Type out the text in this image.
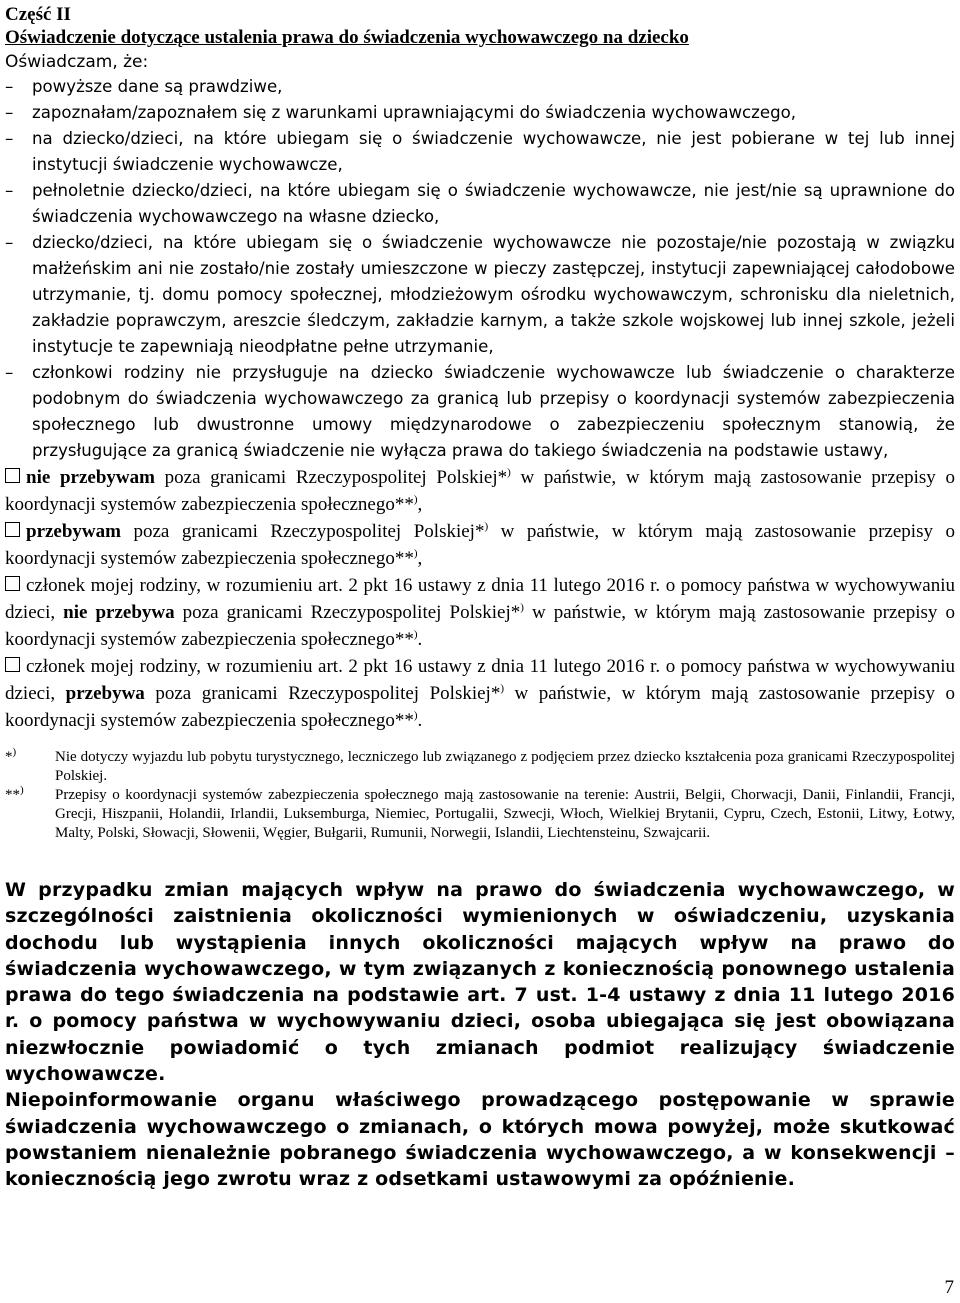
Część II

Oświadczenie dotyczące ustalenia prawa do świadczenia wychowawczego na dziecko

Oświadczam, że:

– powyższe dane są prawdziwe,
– zapoznałam/zapoznałem się z warunkami uprawniającymi do świadczenia wychowawczego,
– na dziecko/dzieci, na które ubiegam się o świadczenie wychowawcze, nie jest pobierane w tej lub innej instytucji świadczenie wychowawcze,
– pełnoletnie dziecko/dzieci, na które ubiegam się o świadczenie wychowawcze, nie jest/nie są uprawnione do świadczenia wychowawczego na własne dziecko,
– dziecko/dzieci, na które ubiegam się o świadczenie wychowawcze nie pozostaje/nie pozostają w związku małżeńskim ani nie zostało/nie zostały umieszczone w pieczy zastępczej, instytucji zapewniającej całodobowe utrzymanie, tj. domu pomocy społecznej, młodzieżowym ośrodku wychowawczym, schronisku dla nieletnich, zakładzie poprawczym, areszcie śledczym, zakładzie karnym, a także szkole wojskowej lub innej szkole, jeżeli instytucje te zapewniają nieodpłatne pełne utrzymanie,
– członkowi rodziny nie przysługuje na dziecko świadczenie wychowawcze lub świadczenie o charakterze podobnym do świadczenia wychowawczego za granicą lub przepisy o koordynacji systemów zabezpieczenia społecznego lub dwustronne umowy międzynarodowe o zabezpieczeniu społecznym stanowią, że przysługujące za granicą świadczenie nie wyłącza prawa do takiego świadczenia na podstawie ustawy,

nie przebywam poza granicami Rzeczypospolitej Polskiej*) w państwie, w którym mają zastosowanie przepisy o koordynacji systemów zabezpieczenia społecznego**),

przebywam poza granicami Rzeczypospolitej Polskiej*) w państwie, w którym mają zastosowanie przepisy o koordynacji systemów zabezpieczenia społecznego**),

członek mojej rodziny, w rozumieniu art. 2 pkt 16 ustawy z dnia 11 lutego 2016 r. o pomocy państwa w wychowywaniu dzieci, nie przebywa poza granicami Rzeczypospolitej Polskiej*) w państwie, w którym mają zastosowanie przepisy o koordynacji systemów zabezpieczenia społecznego**).

członek mojej rodziny, w rozumieniu art. 2 pkt 16 ustawy z dnia 11 lutego 2016 r. o pomocy państwa w wychowywaniu dzieci, przebywa poza granicami Rzeczypospolitej Polskiej*) w państwie, w którym mają zastosowanie przepisy o koordynacji systemów zabezpieczenia społecznego**).

*)	Nie dotyczy wyjazdu lub pobytu turystycznego, leczniczego lub związanego z podjęciem przez dziecko kształcenia poza granicami Rzeczypospolitej Polskiej.
**)	Przepisy o koordynacji systemów zabezpieczenia społecznego mają zastosowanie na terenie: Austrii, Belgii, Chorwacji, Danii, Finlandii, Francji, Grecji, Hiszpanii, Holandii, Irlandii, Luksemburga, Niemiec, Portugalii, Szwecji, Włoch, Wielkiej Brytanii, Cypru, Czech, Estonii, Litwy, Łotwy, Malty, Polski, Słowacji, Słowenii, Węgier, Bułgarii, Rumunii, Norwegii, Islandii, Liechtensteinu, Szwajcarii.

W przypadku zmian mających wpływ na prawo do świadczenia wychowawczego, w szczególności zaistnienia okoliczności wymienionych w oświadczeniu, uzyskania dochodu lub wystąpienia innych okoliczności mających wpływ na prawo do świadczenia wychowawczego, w tym związanych z koniecznością ponownego ustalenia prawa do tego świadczenia na podstawie art. 7 ust. 1-4 ustawy z dnia 11 lutego 2016 r. o pomocy państwa w wychowywaniu dzieci, osoba ubiegająca się jest obowiązana niezwłocznie powiadomić o tych zmianach podmiot realizujący świadczenie wychowawcze.

Niepoinformowanie organu właściwego prowadzącego postępowanie w sprawie świadczenia wychowawczego o zmianach, o których mowa powyżej, może skutkować powstaniem nienależnie pobranego świadczenia wychowawczego, a w konsekwencji – koniecznością jego zwrotu wraz z odsetkami ustawowymi za opóźnienie.

7
